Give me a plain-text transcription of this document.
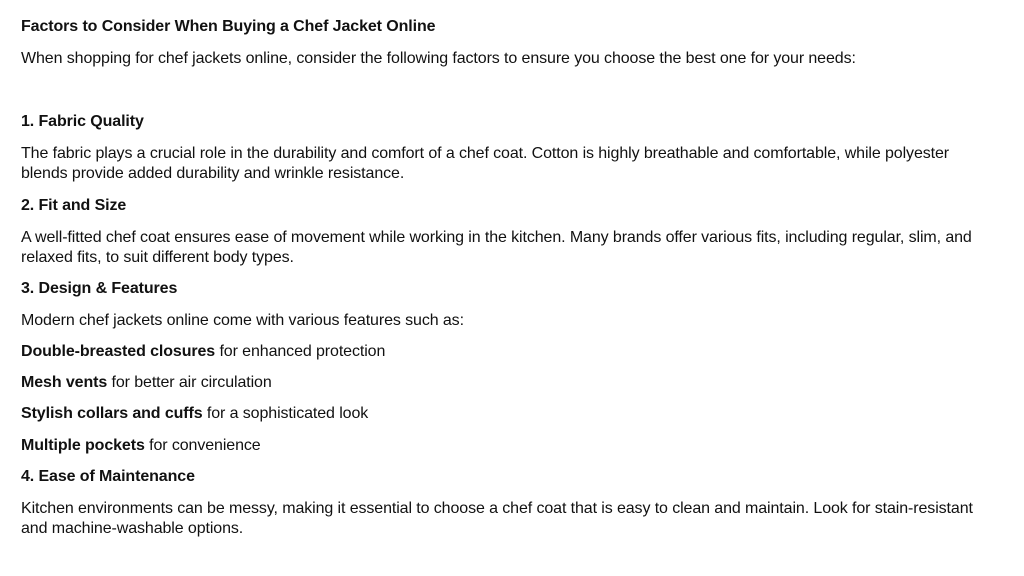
Factors to Consider When Buying a Chef Jacket Online
When shopping for chef jackets online, consider the following factors to ensure you choose the best one for your needs:
1. Fabric Quality
The fabric plays a crucial role in the durability and comfort of a chef coat. Cotton is highly breathable and comfortable, while polyester blends provide added durability and wrinkle resistance.
2. Fit and Size
A well-fitted chef coat ensures ease of movement while working in the kitchen. Many brands offer various fits, including regular, slim, and relaxed fits, to suit different body types.
3. Design & Features
Modern chef jackets online come with various features such as:
Double-breasted closures for enhanced protection
Mesh vents for better air circulation
Stylish collars and cuffs for a sophisticated look
Multiple pockets for convenience
4. Ease of Maintenance
Kitchen environments can be messy, making it essential to choose a chef coat that is easy to clean and maintain. Look for stain-resistant and machine-washable options.
